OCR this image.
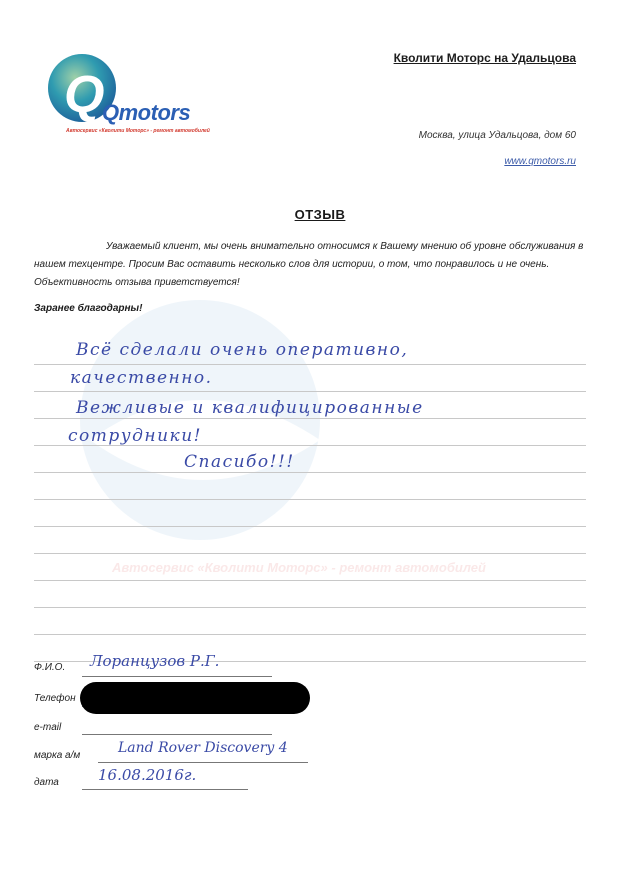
Автосервис «Кволити Моторс» - ремонт автомобилей
Q
Qmotors
Автосервис «Кволити Моторс» - ремонт автомобилей
Кволити Моторс на Удальцова
Москва, улица Удальцова, дом 60
www.qmotors.ru
ОТЗЫВ
Уважаемый клиент, мы очень внимательно относимся к Вашему мнению об уровне обслуживания в нашем техцентре. Просим Вас оставить несколько слов для истории, о том, что понравилось и не очень. Объективность отзыва приветствуется!
Заранее благодарны!
Всё сделали очень оперативно,
качественно.
Вежливые и квалифицированные
сотрудники!
Спасибо!!!
Ф.И.О. Лоранцузов Р.Г.
Телефон
e-mail
марка а/м	Land Rover Discovery 4
дата	16.08.2016г.
